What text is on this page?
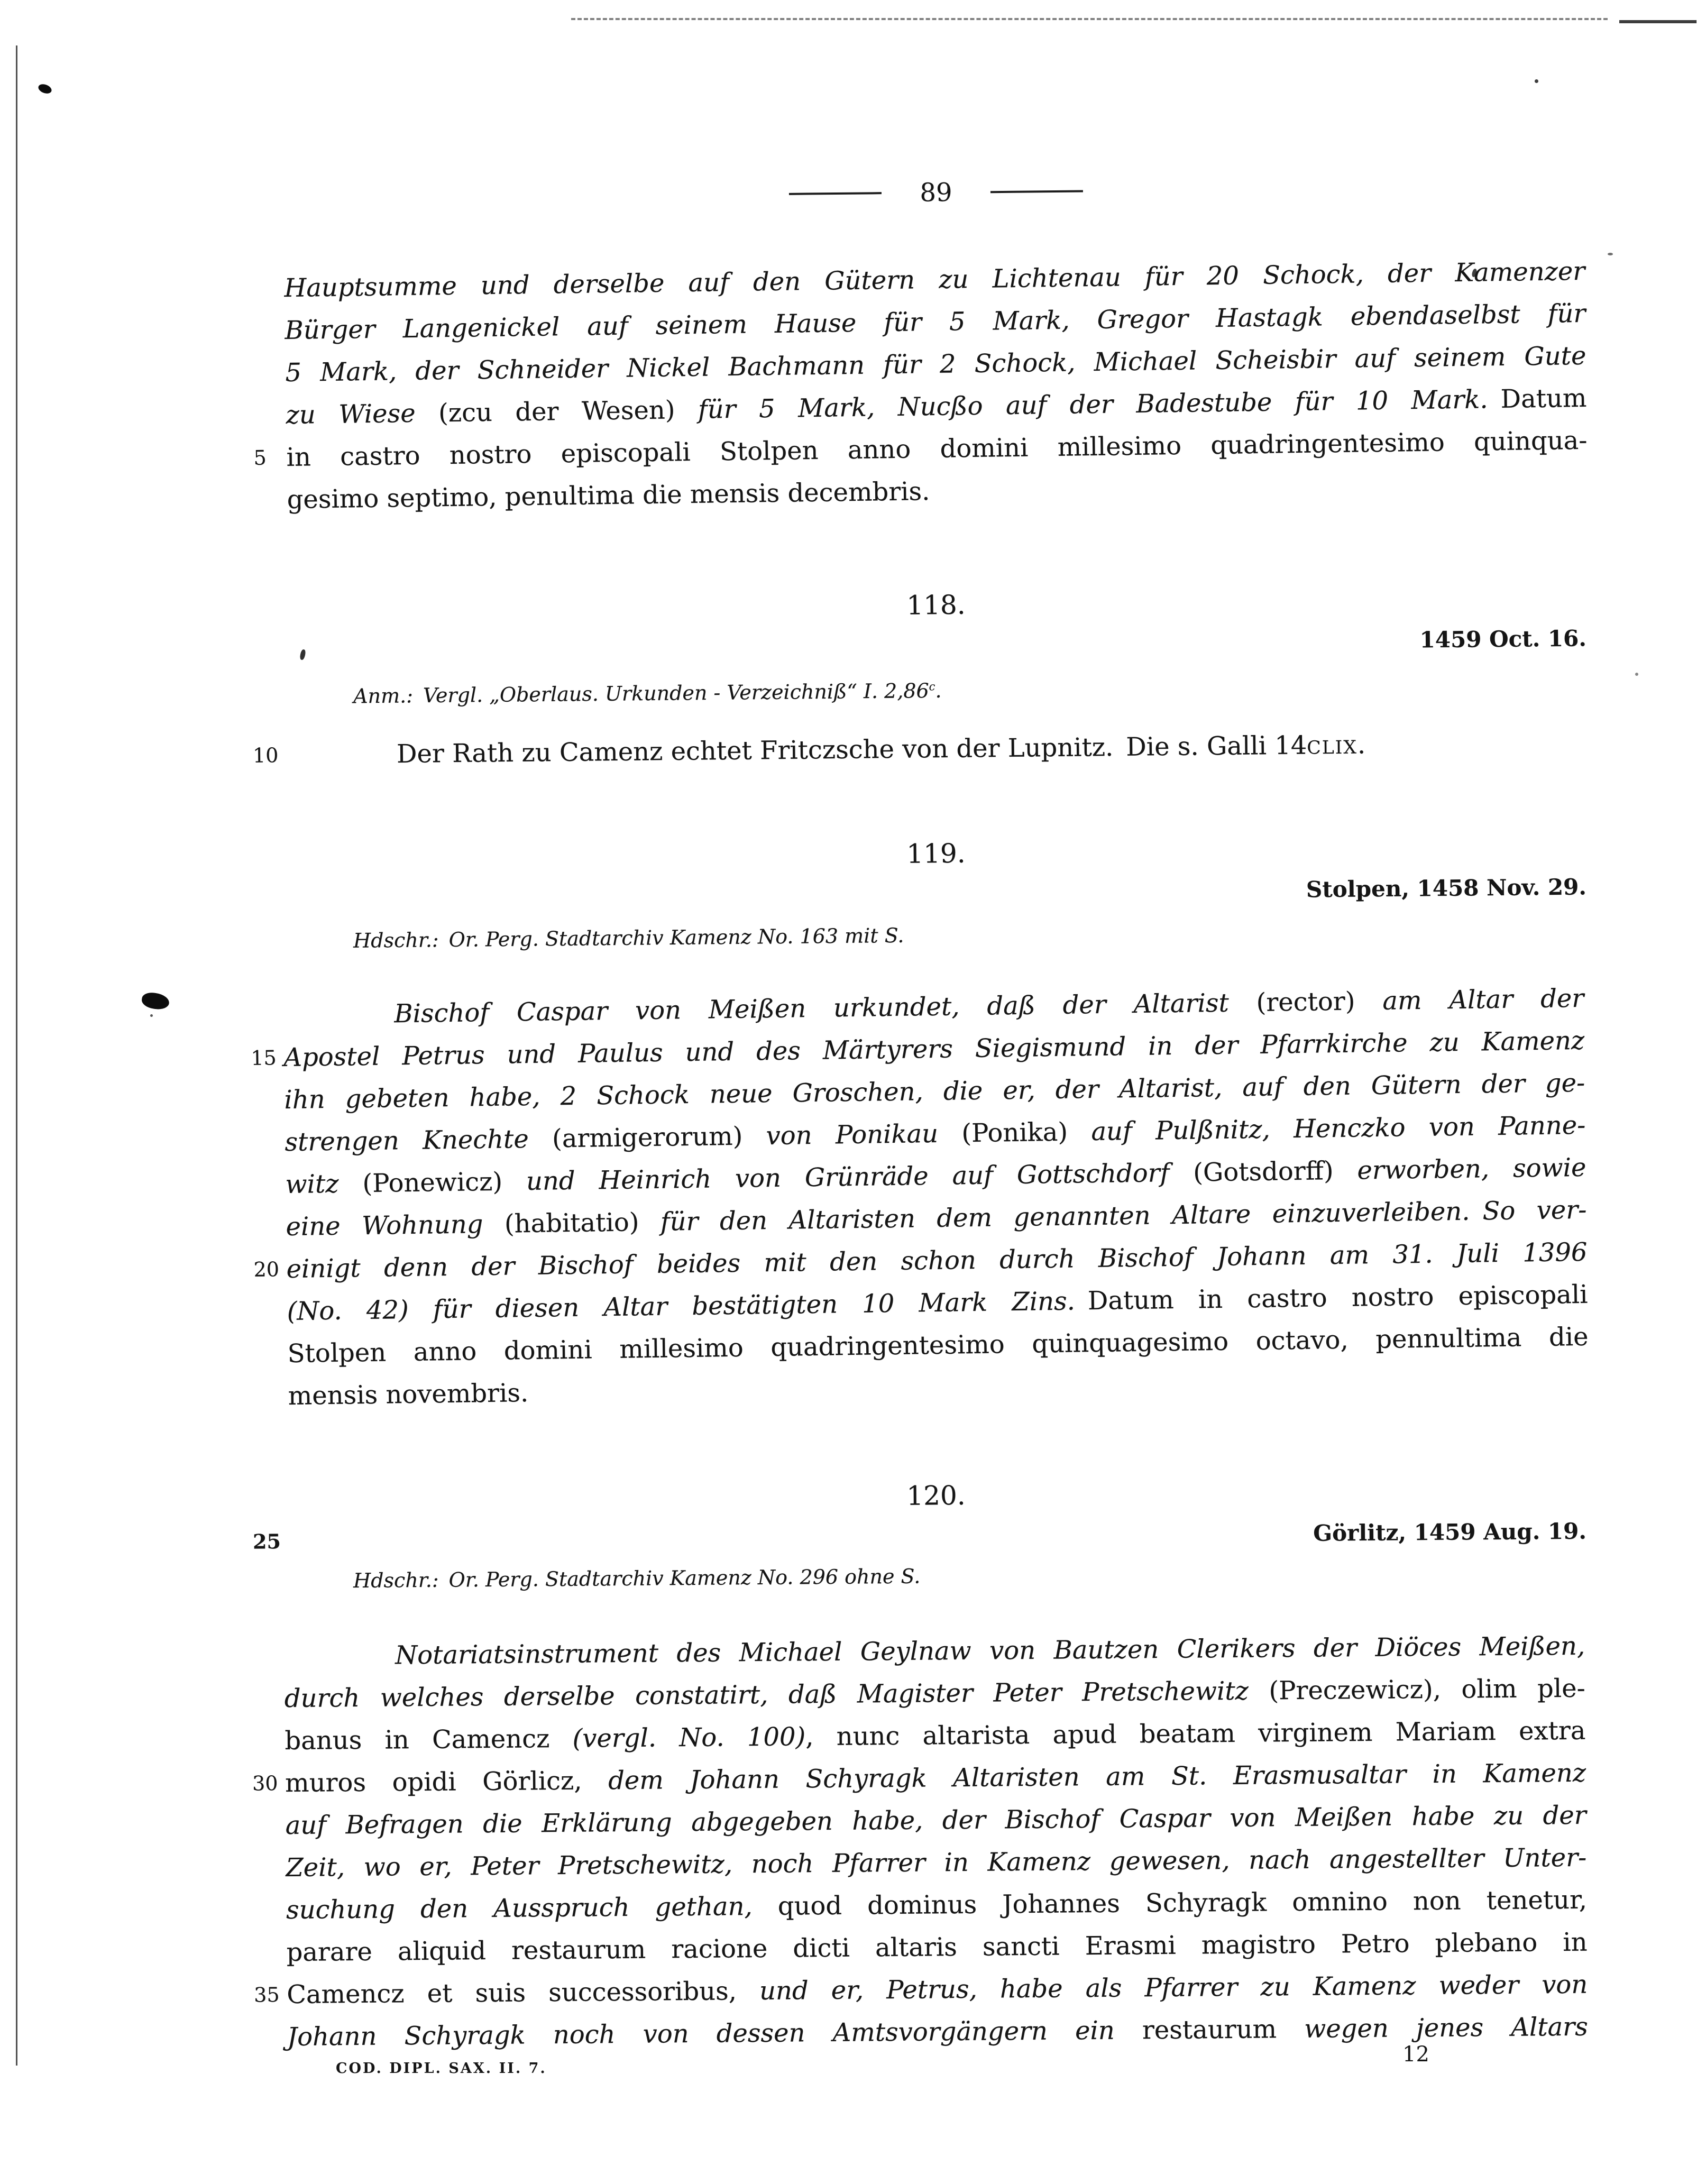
89
Hauptsumme und derselbe auf den Gütern zu Lichtenau für 20 Schock, der Kamenzer
Bürger Langenickel auf seinem Hause für 5 Mark, Gregor Hastagk ebendaselbst für
5 Mark, der Schneider Nickel Bachmann für 2 Schock, Michael Scheisbir auf seinem Gute
zu Wiese (zcu der Wesen) für 5 Mark, Nucßo auf der Badestube für 10 Mark. Datum
5 in castro nostro episcopali Stolpen anno domini millesimo quadringentesimo quinqua-
gesimo septimo, penultima die mensis decembris.
118.
1459 Oct. 16.
Anm.: Vergl. „Oberlaus. Urkunden - Verzeichniß“ I. 2,86$^c$.
10	Der Rath zu Camenz echtet Fritczsche von der Lupnitz. Die s. Galli 14CLIX.
119.
Stolpen, 1458 Nov. 29.
Hdschr.: Or. Perg. Stadtarchiv Kamenz No. 163 mit S.
Bischof Caspar von Meißen urkundet, daß der Altarist (rector) am Altar der
15 Apostel Petrus und Paulus und des Märtyrers Siegismund in der Pfarrkirche zu Kamenz
ihn gebeten habe, 2 Schock neue Groschen, die er, der Altarist, auf den Gütern der ge-
strengen Knechte (armigerorum) von Ponikau (Ponika) auf Pulßnitz, Henczko von Panne-
witz (Ponewicz) und Heinrich von Grünräde auf Gottschdorf (Gotsdorff) erworben, sowie
eine Wohnung (habitatio) für den Altaristen dem genannten Altare einzuverleiben. So ver-
20 einigt denn der Bischof beides mit den schon durch Bischof Johann am 31. Juli 1396
(No. 42) für diesen Altar bestätigten 10 Mark Zins. Datum in castro nostro episcopali
Stolpen anno domini millesimo quadringentesimo quinquagesimo octavo, pennultima die
mensis novembris.
120.
25	Görlitz, 1459 Aug. 19.
Hdschr.: Or. Perg. Stadtarchiv Kamenz No. 296 ohne S.
Notariatsinstrument des Michael Geylnaw von Bautzen Clerikers der Diöces Meißen,
durch welches derselbe constatirt, daß Magister Peter Pretschewitz (Preczewicz), olim ple-
banus in Camencz (vergl. No. 100), nunc altarista apud beatam virginem Mariam extra
30 muros opidi Görlicz, dem Johann Schyragk Altaristen am St. Erasmusaltar in Kamenz
auf Befragen die Erklärung abgegeben habe, der Bischof Caspar von Meißen habe zu der
Zeit, wo er, Peter Pretschewitz, noch Pfarrer in Kamenz gewesen, nach angestellter Unter-
suchung den Ausspruch gethan, quod dominus Johannes Schyragk omnino non tenetur,
parare aliquid restaurum racione dicti altaris sancti Erasmi magistro Petro plebano in
35 Camencz et suis successoribus, und er, Petrus, habe als Pfarrer zu Kamenz weder von
Johann Schyragk noch von dessen Amtsvorgängern ein restaurum wegen jenes Altars
COD. DIPL. SAX. II. 7.
12
